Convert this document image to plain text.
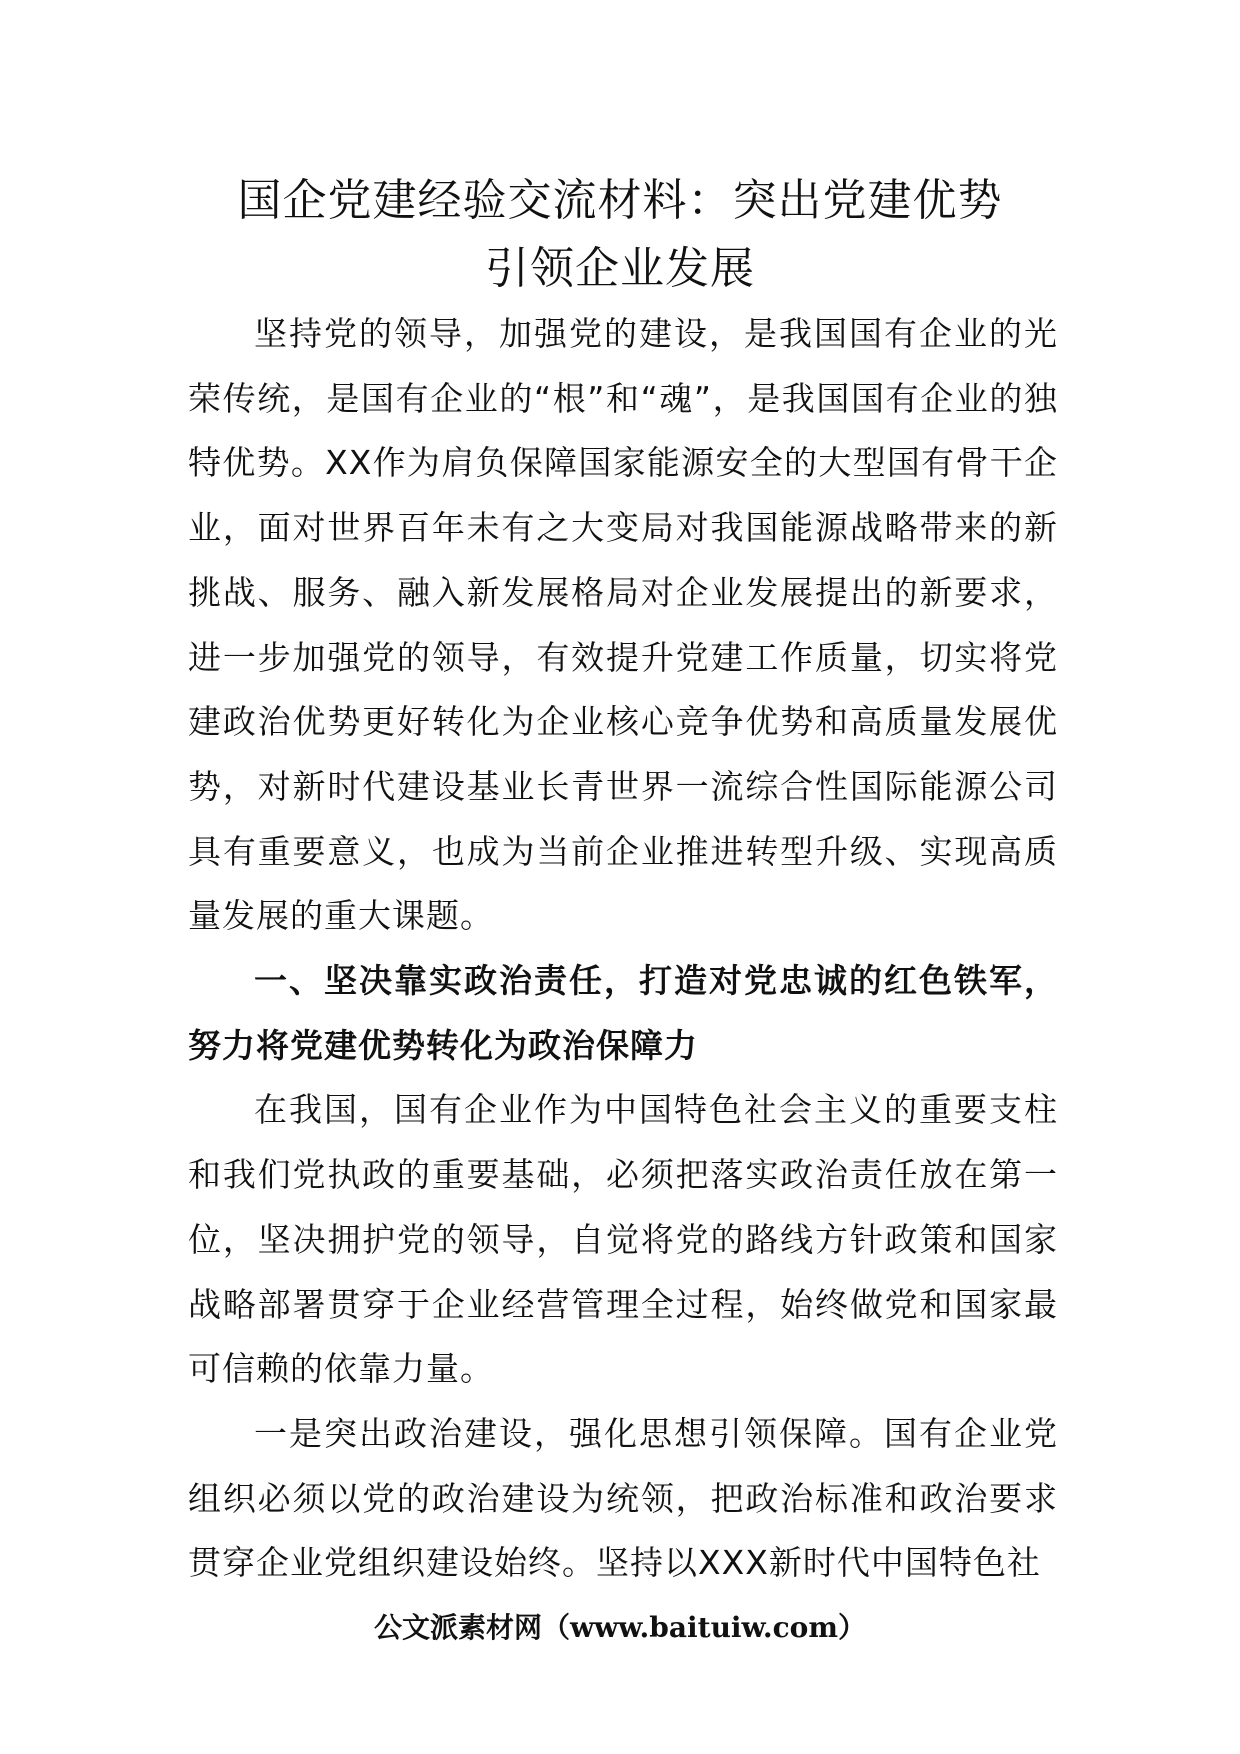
国企党建经验交流材料：突出党建优势
引领企业发展

坚持党的领导，加强党的建设，是我国国有企业的光荣传统，是国有企业的“根”和“魂”，是我国国有企业的独特优势。XX作为肩负保障国家能源安全的大型国有骨干企业，面对世界百年未有之大变局对我国能源战略带来的新挑战、服务、融入新发展格局对企业发展提出的新要求，进一步加强党的领导，有效提升党建工作质量，切实将党建政治优势更好转化为企业核心竞争优势和高质量发展优势，对新时代建设基业长青世界一流综合性国际能源公司具有重要意义，也成为当前企业推进转型升级、实现高质量发展的重大课题。

一、坚决靠实政治责任，打造对党忠诚的红色铁军，努力将党建优势转化为政治保障力

在我国，国有企业作为中国特色社会主义的重要支柱和我们党执政的重要基础，必须把落实政治责任放在第一位，坚决拥护党的领导，自觉将党的路线方针政策和国家战略部署贯穿于企业经营管理全过程，始终做党和国家最可信赖的依靠力量。

一是突出政治建设，强化思想引领保障。国有企业党组织必须以党的政治建设为统领，把政治标准和政治要求贯穿企业党组织建设始终。坚持以XXX新时代中国特色社

公文派素材网（www.baituiw.com）
